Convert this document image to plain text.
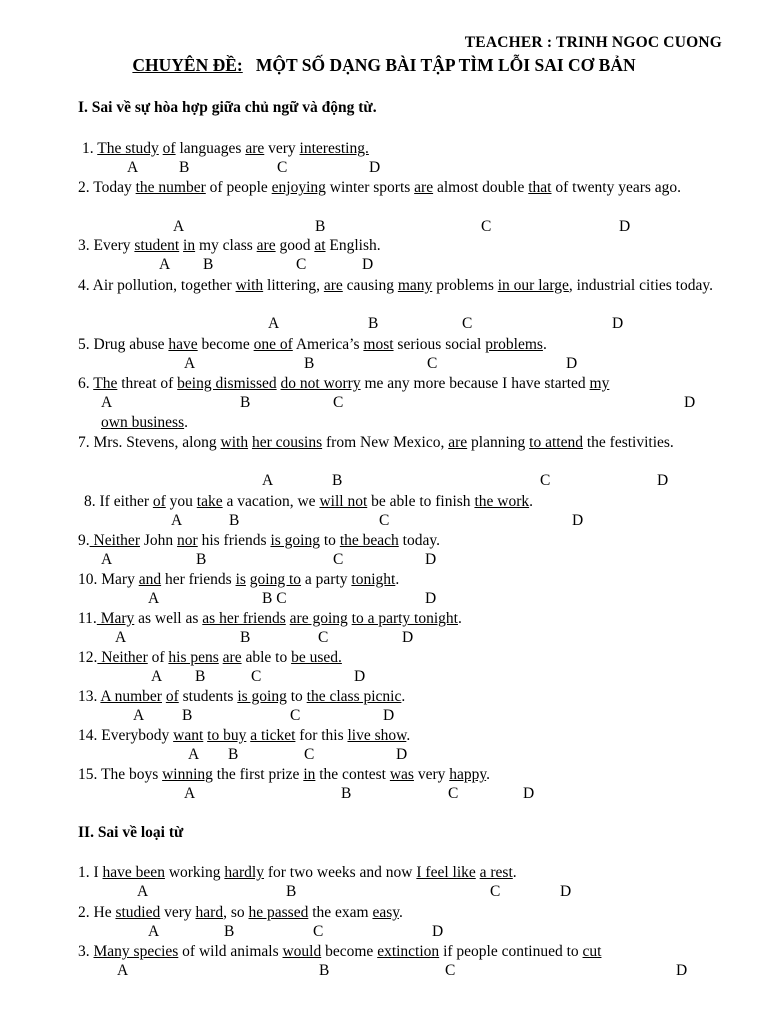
TEACHER : TRINH NGOC CUONG
CHUYÊN ĐỀ: MỘT SỐ DẠNG BÀI TẬP TÌM LỖI SAI CƠ BẢN
I. Sai về sự hòa hợp giữa chủ ngữ và động từ.
II. Sai về loại từ
1. The study of languages are very interesting.
A	B	C	D
2. Today the number of people enjoying winter sports are almost double that of twenty years ago.
A	B	C	D
3. Every student in my class are good at English.
A B	C	D
4. Air pollution, together with littering, are causing many problems in our large, industrial cities today.
A	B	C	D
5. Drug abuse have become one of America’s most serious social problems.
A	B	C	D
6. The threat of being dismissed do not worry me any more because I have started my
A	B	C	D
own business.
7. Mrs. Stevens, along with her cousins from New Mexico, are planning to attend the festivities.
A	B	C	D
8. If either of you take a vacation, we will not be able to finish the work.
A	B	C	D
9. Neither John nor his friends is going to the beach today.
A	B	C	D
10. Mary and her friends is going to a party tonight.
A	B C	D
11. Mary as well as as her friends are going to a party tonight.
A	B	C	D
12. Neither of his pens are able to be used.
A B	C	D
13. A number of students is going to the class picnic.
A B	C	D
14. Everybody want to buy a ticket for this live show.
A B	C	D
15. The boys winning the first prize in the contest was very happy.
A	B	C	D
1. I have been working hardly for two weeks and now I feel like a rest.
A	B	C	D
2. He studied very hard, so he passed the exam easy.
A	B	C	D
3. Many species of wild animals would become extinction if people continued to cut
A	B	C	D
